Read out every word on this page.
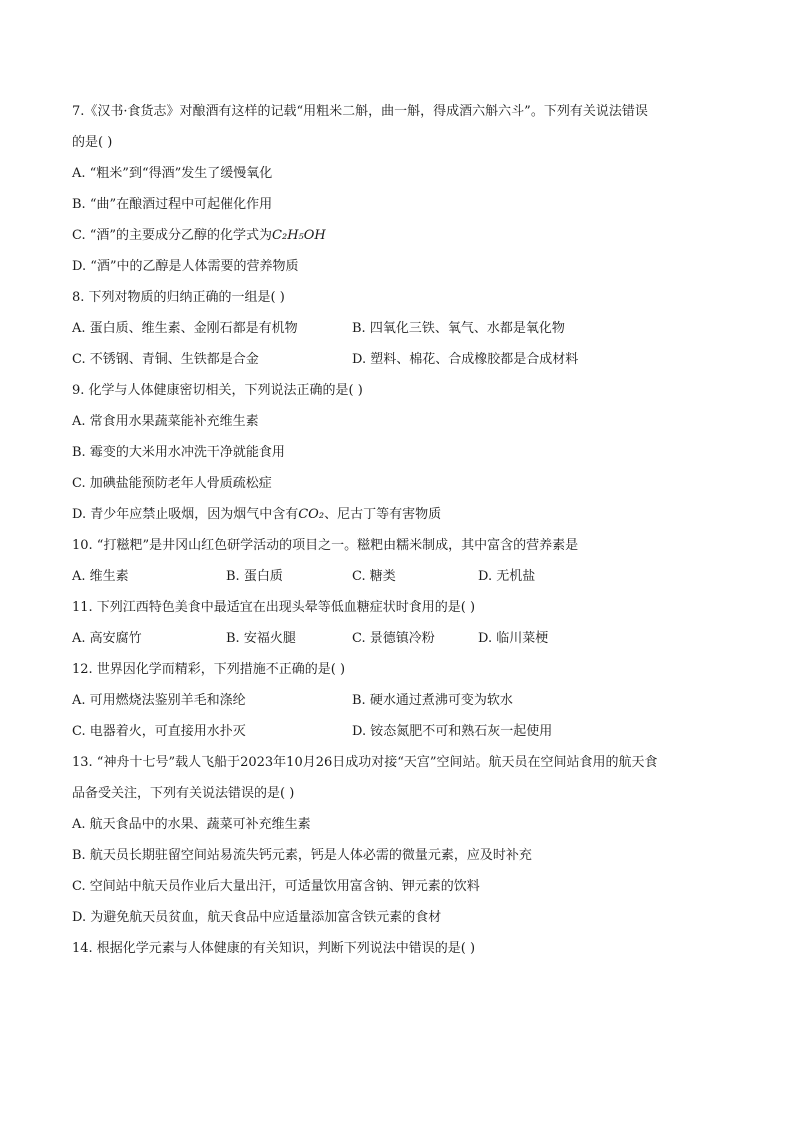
7.《汉书·食货志》对酿酒有这样的记载“用粗米二斛，曲一斛，得成酒六斛六斗”。下列有关说法错误
的是( )
A. “粗米”到“得酒”发生了缓慢氧化
B. “曲”在酿酒过程中可起催化作用
C. “酒”的主要成分乙醇的化学式为C₂H₅OH
D. “酒”中的乙醇是人体需要的营养物质
8. 下列对物质的归纳正确的一组是( )
A. 蛋白质、维生素、金刚石都是有机物	B. 四氧化三铁、氧气、水都是氧化物
C. 不锈钢、青铜、生铁都是合金	D. 塑料、棉花、合成橡胶都是合成材料
9. 化学与人体健康密切相关，下列说法正确的是( )
A. 常食用水果蔬菜能补充维生素
B. 霉变的大米用水冲洗干净就能食用
C. 加碘盐能预防老年人骨质疏松症
D. 青少年应禁止吸烟，因为烟气中含有CO₂、尼古丁等有害物质
10. “打糍粑”是井冈山红色研学活动的项目之一。糍粑由糯米制成，其中富含的营养素是
A. 维生素	B. 蛋白质	C. 糖类	D. 无机盐
11. 下列江西特色美食中最适宜在出现头晕等低血糖症状时食用的是( )
A. 高安腐竹	B. 安福火腿	C. 景德镇冷粉	D. 临川菜梗
12. 世界因化学而精彩，下列措施不正确的是( )
A. 可用燃烧法鉴别羊毛和涤纶	B. 硬水通过煮沸可变为软水
C. 电器着火，可直接用水扑灭	D. 铵态氮肥不可和熟石灰一起使用
13. “神舟十七号”载人飞船于2023年10月26日成功对接“天宫”空间站。航天员在空间站食用的航天食
品备受关注，下列有关说法错误的是( )
A. 航天食品中的水果、蔬菜可补充维生素
B. 航天员长期驻留空间站易流失钙元素，钙是人体必需的微量元素，应及时补充
C. 空间站中航天员作业后大量出汗，可适量饮用富含钠、钾元素的饮料
D. 为避免航天员贫血，航天食品中应适量添加富含铁元素的食材
14. 根据化学元素与人体健康的有关知识，判断下列说法中错误的是( )
